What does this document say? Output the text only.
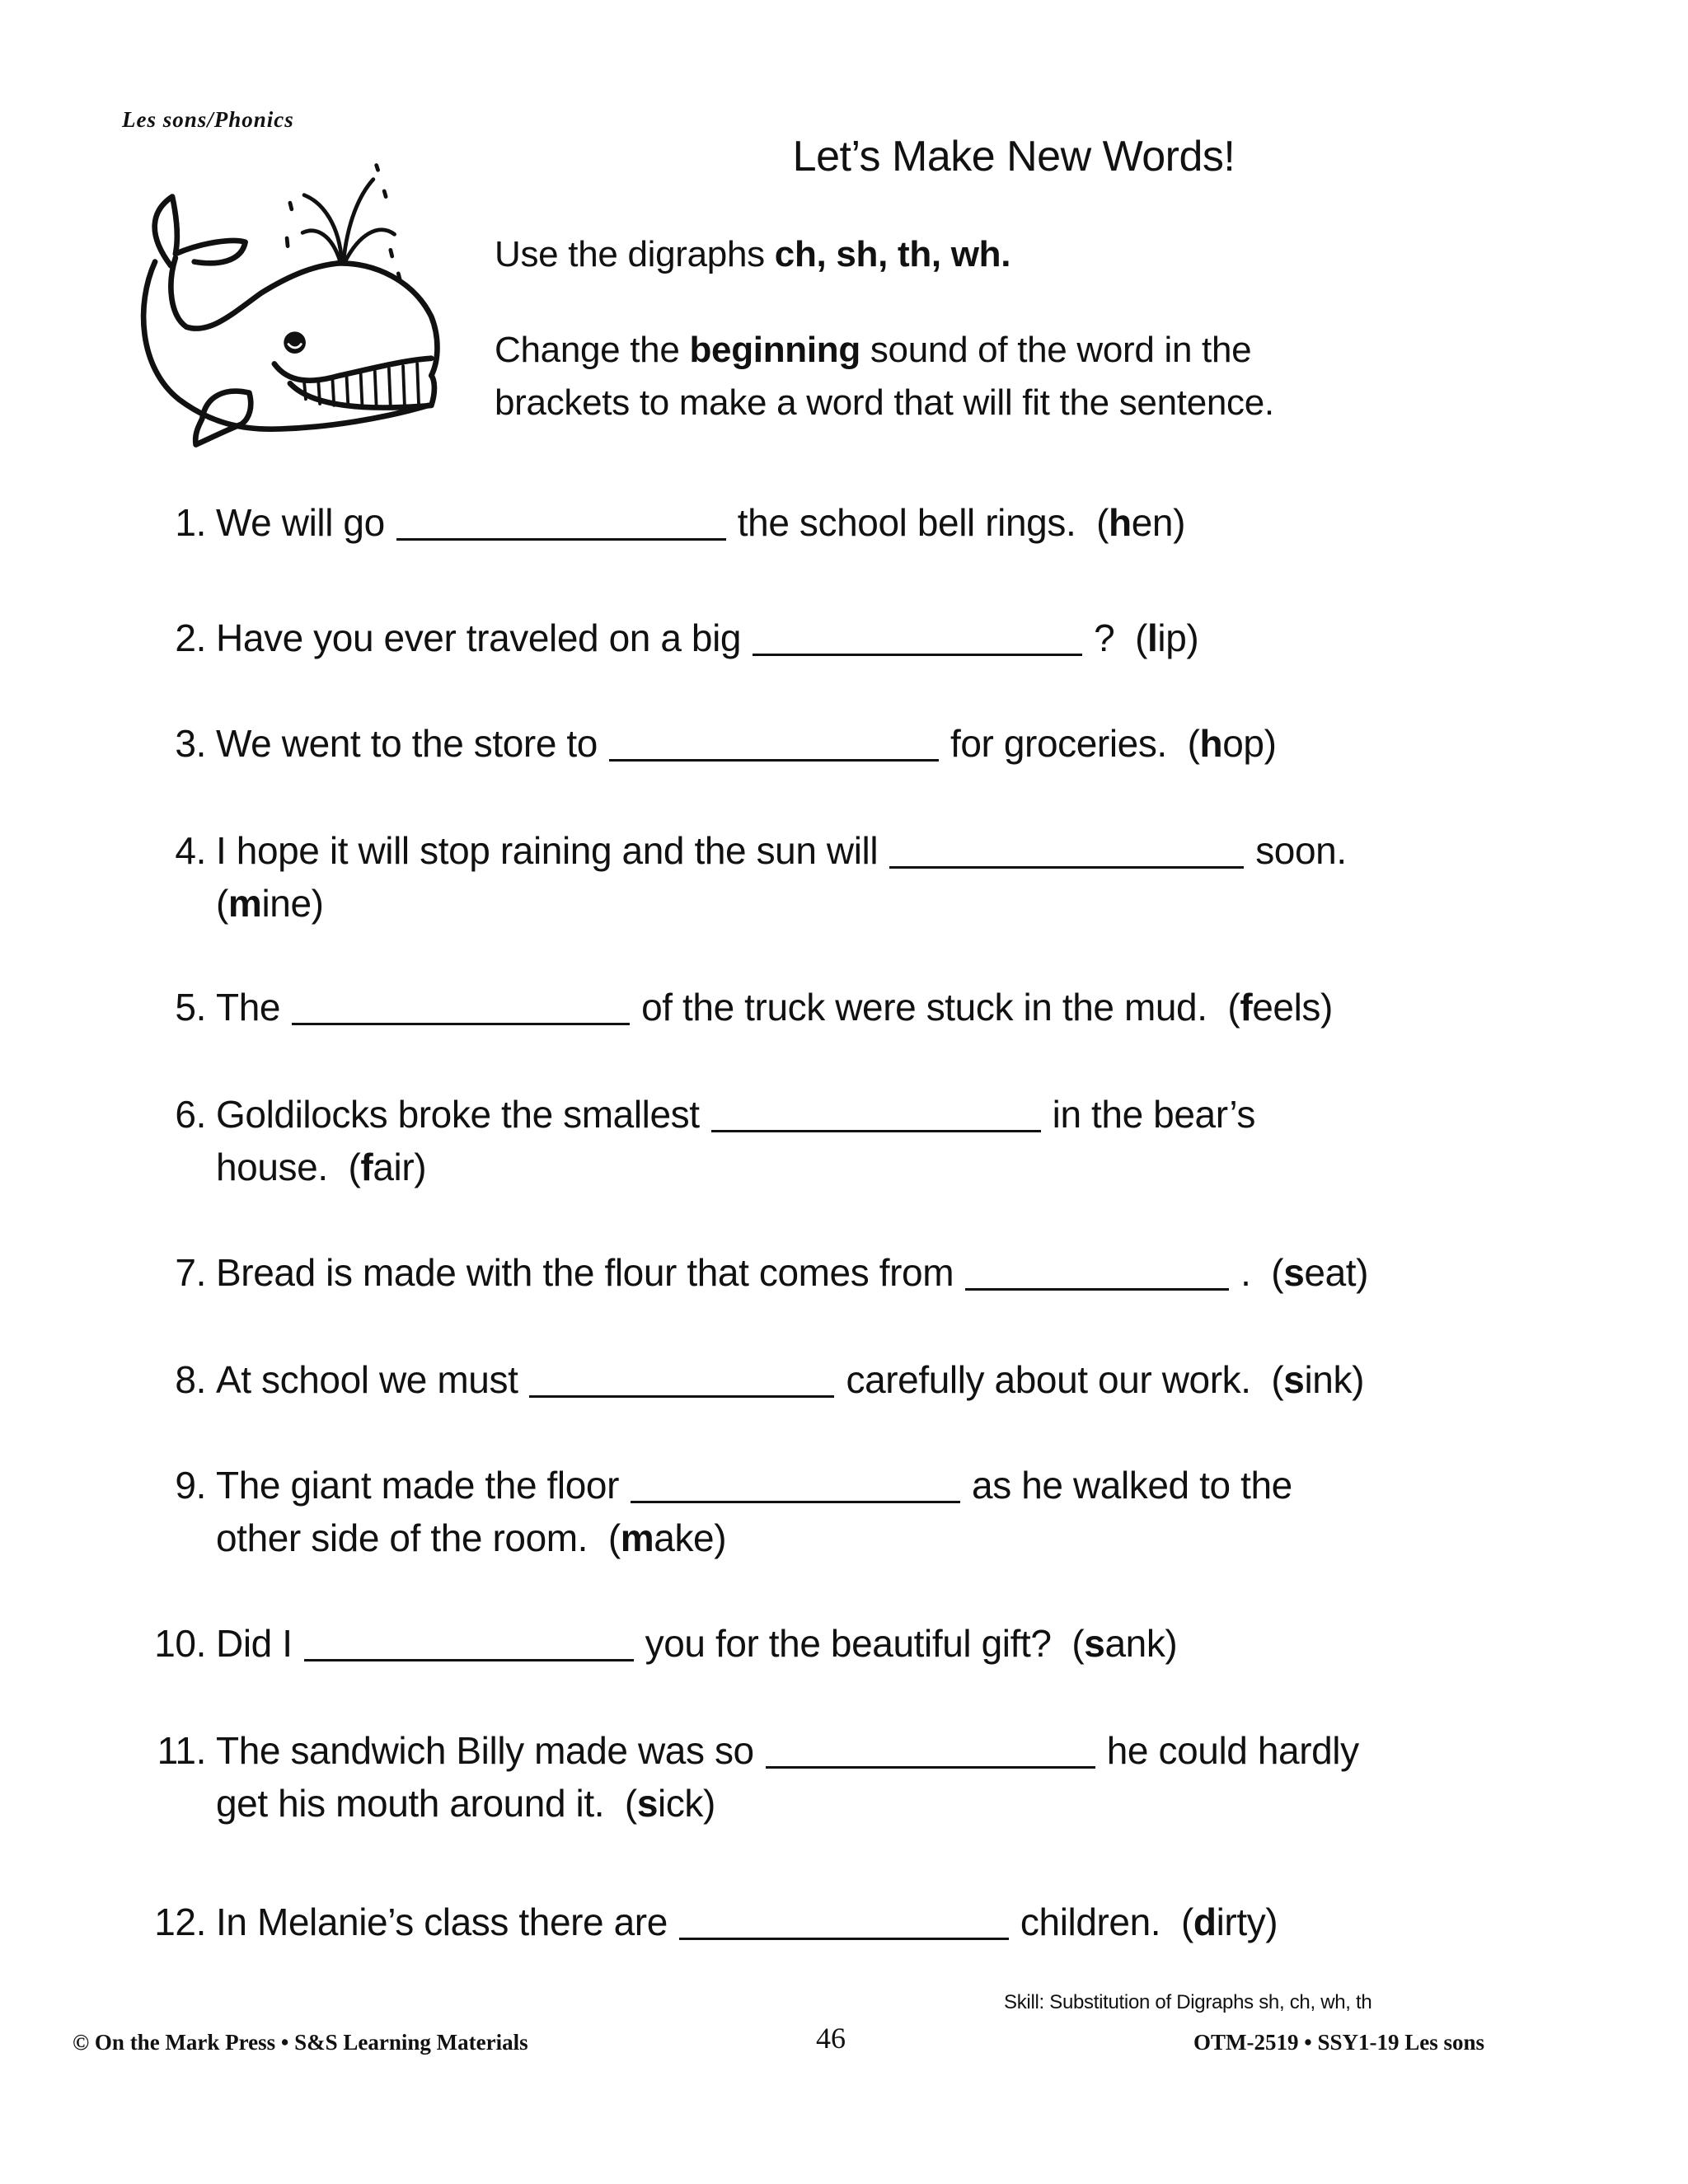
Les sons/Phonics
Let’s Make New Words!
Use the digraphs ch, sh, th, wh.
Change the beginning sound of the word in the
brackets to make a word that will fit the sentence.
1. We will go	the school bell rings. (hen)
2. Have you ever traveled on a big	? (lip)
3. We went to the store to	for groceries. (hop)
4. I hope it will stop raining and the sun will	soon.
(mine)
5. The	of the truck were stuck in the mud. (feels)
6. Goldilocks broke the smallest	in the bear’s
house. (fair)
7. Bread is made with the flour that comes from	. (seat)
8. At school we must	carefully about our work. (sink)
9. The giant made the floor	as he walked to the
other side of the room. (make)
10. Did I	you for the beautiful gift? (sank)
11. The sandwich Billy made was so	he could hardly
get his mouth around it. (sick)
12. In Melanie’s class there are	children. (dirty)
Skill: Substitution of Digraphs sh, ch, wh, th
© On the Mark Press • S&S Learning Materials	46	OTM-2519 • SSY1-19 Les sons
